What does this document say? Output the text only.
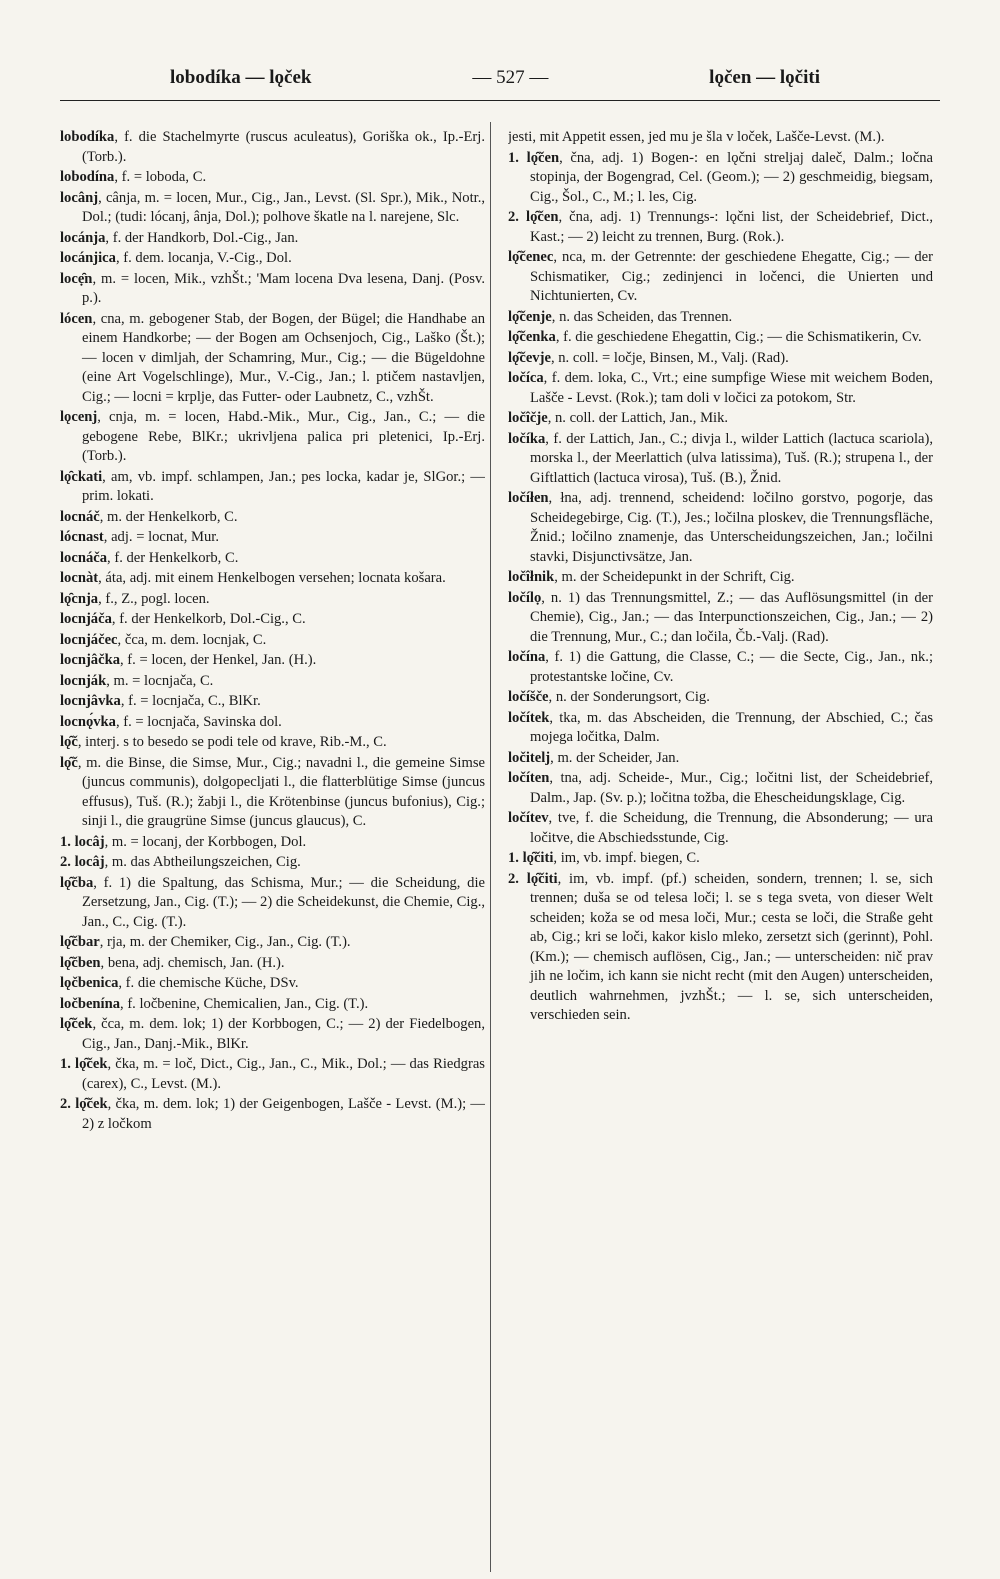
lobodíka — lǫček	— 527 —	lǫčen — lǫčiti

lobodíka, f. die Stachelmyrte (ruscus aculeatus), Goriška ok., Ip.-Erj. (Torb.).

lobodína, f. = loboda, C.

locânj, cânja, m. = locen, Mur., Cig., Jan., Levst. (Sl. Spr.), Mik., Notr., Dol.; (tudi: lócanj, ânja, Dol.); polhove škatle na l. narejene, Slc.

locánja, f. der Handkorb, Dol.-Cig., Jan.

locánjica, f. dem. locanja, V.-Cig., Dol.

locẹ̑n, m. = locen, Mik., vzhŠt.; 'Mam locena Dva lesena, Danj. (Posv. p.).

lócen, cna, m. gebogener Stab, der Bogen, der Bügel; die Handhabe an einem Handkorbe; — der Bogen am Ochsenjoch, Cig., Laško (Št.); — locen v dimljah, der Schamring, Mur., Cig.; — die Bügeldohne (eine Art Vogelschlinge), Mur., V.-Cig., Jan.; l. ptičem nastavljen, Cig.; — locni = krplje, das Futter- oder Laubnetz, C., vzhŠt.

lǫcenj, cnja, m. = locen, Habd.-Mik., Mur., Cig., Jan., C.; — die gebogene Rebe, BlKr.; ukrivljena palica pri pletenici, Ip.-Erj. (Torb.).

lǫ̑ckati, am, vb. impf. schlampen, Jan.; pes locka, kadar je, SlGor.; — prim. lokati.

locnáč, m. der Henkelkorb, C.

lócnast, adj. = locnat, Mur.

locnáča, f. der Henkelkorb, C.

locnàt, áta, adj. mit einem Henkelbogen versehen; locnata košara.

lǫ̑cnja, f., Z., pogl. locen.

locnjáča, f. der Henkelkorb, Dol.-Cig., C.

locnjáčec, čca, m. dem. locnjak, C.

locnjâčka, f. = locen, der Henkel, Jan. (H.).

locnják, m. = locnjača, C.

locnjâvka, f. = locnjača, C., BlKr.

locnǫ́vka, f. = locnjača, Savinska dol.

lǫ̑č, interj. s to besedo se podi tele od krave, Rib.-M., C.

lǫ̑č, m. die Binse, die Simse, Mur., Cig.; navadni l., die gemeine Simse (juncus communis), dolgopecljati l., die flatterblütige Simse (juncus effusus), Tuš. (R.); žabji l., die Krötenbinse (juncus bufonius), Cig.; sinji l., die graugrüne Simse (juncus glaucus), C.

1. locâj, m. = locanj, der Korbbogen, Dol.

2. locâj, m. das Abtheilungszeichen, Cig.

lǫ̑čba, f. 1) die Spaltung, das Schisma, Mur.; — die Scheidung, die Zersetzung, Jan., Cig. (T.); — 2) die Scheidekunst, die Chemie, Cig., Jan., C., Cig. (T.).

lǫ̑čbar, rja, m. der Chemiker, Cig., Jan., Cig. (T.).

lǫ̑čben, bena, adj. chemisch, Jan. (H.).

lǫčbenica, f. die chemische Küche, DSv.

ločbenína, f. ločbenine, Chemicalien, Jan., Cig. (T.).

lǫ̑ček, čca, m. dem. lok; 1) der Korbbogen, C.; — 2) der Fiedelbogen, Cig., Jan., Danj.-Mik., BlKr.

1. lǫ̑ček, čka, m. = loč, Dict., Cig., Jan., C., Mik., Dol.; — das Riedgras (carex), C., Levst. (M.).

2. lǫ̑ček, čka, m. dem. lok; 1) der Geigenbogen, Lašče - Levst. (M.); — 2) z ločkom

jesti, mit Appetit essen, jed mu je šla v loček, Lašče-Levst. (M.).

1. lǫ̑čen, čna, adj. 1) Bogen-: en lǫčni streljaj daleč, Dalm.; ločna stopinja, der Bogengrad, Cel. (Geom.); — 2) geschmeidig, biegsam, Cig., Šol., C., M.; l. les, Cig.

2. lǫ̑čen, čna, adj. 1) Trennungs-: lǫčni list, der Scheidebrief, Dict., Kast.; — 2) leicht zu trennen, Burg. (Rok.).

lǫ̑čenec, nca, m. der Getrennte: der geschiedene Ehegatte, Cig.; — der Schismatiker, Cig.; zedinjenci in ločenci, die Unierten und Nichtunierten, Cv.

lǫ̑čenje, n. das Scheiden, das Trennen.

lǫ̑čenka, f. die geschiedene Ehegattin, Cig.; — die Schismatikerin, Cv.

lǫ̑čevje, n. coll. = ločje, Binsen, M., Valj. (Rad).

ločíca, f. dem. loka, C., Vrt.; eine sumpfige Wiese mit weichem Boden, Lašče - Levst. (Rok.); tam doli v ločici za potokom, Str.

ločîčje, n. coll. der Lattich, Jan., Mik.

ločíka, f. der Lattich, Jan., C.; divja l., wilder Lattich (lactuca scariola), morska l., der Meerlattich (ulva latissima), Tuš. (R.); strupena l., der Giftlattich (lactuca virosa), Tuš. (B.), Žnid.

ločíłen, łna, adj. trennend, scheidend: ločilno gorstvo, pogorje, das Scheidegebirge, Cig. (T.), Jes.; ločilna ploskev, die Trennungsfläche, Žnid.; ločilno znamenje, das Unterscheidungszeichen, Jan.; ločilni stavki, Disjunctivsätze, Jan.

ločîłnik, m. der Scheidepunkt in der Schrift, Cig.

ločílọ, n. 1) das Trennungsmittel, Z.; — das Auflösungsmittel (in der Chemie), Cig., Jan.; — das Interpunctionszeichen, Cig., Jan.; — 2) die Trennung, Mur., C.; dan ločila, Čb.-Valj. (Rad).

ločína, f. 1) die Gattung, die Classe, C.; — die Secte, Cig., Jan., nk.; protestantske ločine, Cv.

ločíšče, n. der Sonderungsort, Cig.

ločítek, tka, m. das Abscheiden, die Trennung, der Abschied, C.; čas mojega ločitka, Dalm.

ločitelj, m. der Scheider, Jan.

ločíten, tna, adj. Scheide-, Mur., Cig.; ločitni list, der Scheidebrief, Dalm., Jap. (Sv. p.); ločitna tožba, die Ehescheidungsklage, Cig.

ločítev, tve, f. die Scheidung, die Trennung, die Absonderung; — ura ločitve, die Abschiedsstunde, Cig.

1. lǫ̑čiti, im, vb. impf. biegen, C.

2. lǫ̑čiti, im, vb. impf. (pf.) scheiden, sondern, trennen; l. se, sich trennen; duša se od telesa loči; l. se s tega sveta, von dieser Welt scheiden; koža se od mesa loči, Mur.; cesta se loči, die Straße geht ab, Cig.; kri se loči, kakor kislo mleko, zersetzt sich (gerinnt), Pohl. (Km.); — chemisch auflösen, Cig., Jan.; — unterscheiden: nič prav jih ne ločim, ich kann sie nicht recht (mit den Augen) unterscheiden, deutlich wahrnehmen, jvzhŠt.; — l. se, sich unterscheiden, verschieden sein.
